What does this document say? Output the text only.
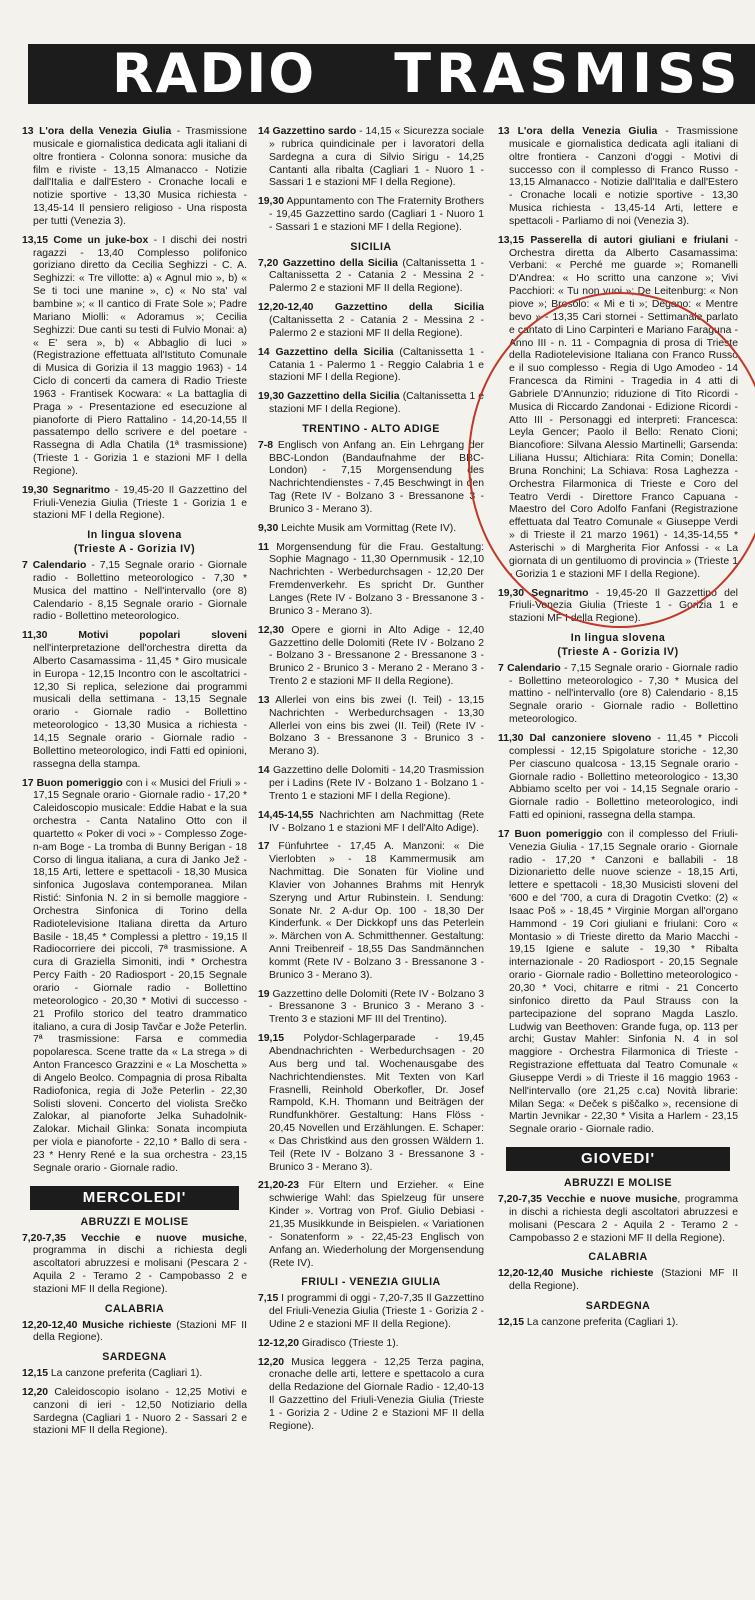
RADIO TRASMISS

13 L'ora della Venezia Giulia - Trasmissione musicale e giornalistica dedicata agli italiani di oltre frontiera - Colonna sonora: musiche da film e riviste - 13,15 Almanacco - Notizie dall'Italia e dall'Estero - Cronache locali e notizie sportive - 13,30 Musica richiesta - 13,45-14 Il pensiero religioso - Una risposta per tutti (Venezia 3).

13,15 Come un juke-box - I dischi dei nostri ragazzi - 13,40 Complesso polifonico goriziano diretto da Cecilia Seghizzi - C. A. Seghizzi: « Tre villotte: a) « Agnul mio », b) « Se ti toci une manine », c) « No sta' val bambine »; « Il cantico di Frate Sole »; Padre Mariano Miolli: « Adoramus »; Cecilia Seghizzi: Due canti su testi di Fulvio Monai: a) « E' sera », b) « Abbaglio di luci » (Registrazione effettuata all'Istituto Comunale di Musica di Gorizia il 13 maggio 1963) - 14 Ciclo di concerti da camera di Radio Trieste 1963 - Frantisek Kocwara: « La battaglia di Praga » - Presentazione ed esecuzione al pianoforte di Piero Rattalino - 14,20-14,55 Il passatempo dello scrivere e del poetare - Rassegna di Adla Chatila (1ª trasmissione) (Trieste 1 - Gorizia 1 e stazioni MF I della Regione).

19,30 Segnaritmo - 19,45-20 Il Gazzettino del Friuli-Venezia Giulia (Trieste 1 - Gorizia 1 e stazioni MF I della Regione).

In lingua slovena
(Trieste A - Gorizia IV)

7 Calendario - 7,15 Segnale orario - Giornale radio - Bollettino meteorologico - 7,30 * Musica del mattino - Nell'intervallo (ore 8) Calendario - 8,15 Segnale orario - Giornale radio - Bollettino meteorologico.

11,30	Motivi popolari sloveni nell'interpretazione dell'orchestra diretta da Alberto Casamassima - 11,45 * Giro musicale in Europa - 12,15 Incontro con le ascoltatrici - 12,30 Si replica, selezione dai programmi musicali della settimana - 13,15 Segnale orario - Giornale radio - Bollettino meteorologico - 13,30 Musica a richiesta - 14,15 Segnale orario - Giornale radio - Bollettino meteorologico, indi Fatti ed opinioni, rassegna della stampa.

17 Buon pomeriggio con i « Musici del Friuli » - 17,15 Segnale orario - Giornale radio - 17,20 * Caleidoscopio musicale: Eddie Habat e la sua orchestra - Canta Natalino Otto con il quartetto « Poker di voci » - Complesso Zoge-n-am Boge - La tromba di Bunny Berigan - 18 Corso di lingua italiana, a cura di Janko Jež - 18,15 Arti, lettere e spettacoli - 18,30 Musica sinfonica Jugoslava contemporanea. Milan Ristić: Sinfonia N. 2 in si bemolle maggiore - Orchestra Sinfonica di Torino della Radiotelevisione Italiana diretta da Arturo Basile - 18,45 * Complessi a plettro - 19,15 Il Radiocorriere dei piccoli, 7ª trasmissione. A cura di Graziella Simoniti, indi * Orchestra Percy Faith - 20 Radiosport - 20,15 Segnale orario - Giornale radio - Bollettino meteorologico - 20,30 * Motivi di successo - 21 Profilo storico del teatro drammatico italiano, a cura di Josip Tavčar e Jože Peterlin. 7ª trasmissione: Farsa e commedia popolaresca. Scene tratte da « La strega » di Anton Francesco Grazzini e « La Moschetta » di Angelo Beolco. Compagnia di prosa Ribalta Radiofonica, regia di Jože Peterlin - 22,30 Solisti sloveni. Concerto del violista Srečko Zalokar, al pianoforte Jelka Suhadolnik-Zalokar. Michail Glinka: Sonata incompiuta per viola e pianoforte - 22,10 * Ballo di sera - 23 * Henry René e la sua orchestra - 23,15 Segnale orario - Giornale radio.

MERCOLEDI'
ABRUZZI E MOLISE

7,20-7,35 Vecchie e nuove musiche, programma in dischi a richiesta degli ascoltatori abruzzesi e molisani (Pescara 2 - Aquila 2 - Teramo 2 - Campobasso 2 e stazioni MF II della Regione).

CALABRIA

12,20-12,40 Musiche richieste (Stazioni MF II della Regione).

SARDEGNA

12,15 La canzone preferita (Cagliari 1).

12,20 Caleidoscopio isolano - 12,25 Motivi e canzoni di ieri - 12,50 Notiziario della Sardegna (Cagliari 1 - Nuoro 2 - Sassari 2 e stazioni MF II della Regione).

14 Gazzettino sardo - 14,15 « Sicurezza sociale » rubrica quindicinale per i lavoratori della Sardegna a cura di Silvio Sirigu - 14,25 Cantanti alla ribalta (Cagliari 1 - Nuoro 1 - Sassari 1 e stazioni MF I della Regione).

19,30 Appuntamento con The Fraternity Brothers - 19,45 Gazzettino sardo (Cagliari 1 - Nuoro 1 - Sassari 1 e stazioni MF I della Regione).

SICILIA

7,20 Gazzettino della Sicilia (Caltanissetta 1 - Caltanissetta 2 - Catania 2 - Messina 2 - Palermo 2 e stazioni MF II della Regione).

12,20-12,40 Gazzettino della Sicilia (Caltanissetta 2 - Catania 2 - Messina 2 - Palermo 2 e stazioni MF II della Regione).

14 Gazzettino della Sicilia (Caltanissetta 1 - Catania 1 - Palermo 1 - Reggio Calabria 1 e stazioni MF I della Regione).

19,30 Gazzettino della Sicilia (Caltanissetta 1 e stazioni MF I della Regione).

TRENTINO - ALTO ADIGE

7-8 Englisch von Anfang an. Ein Lehrgang der BBC-London (Bandaufnahme der BBC-London) - 7,15 Morgensendung des Nachrichtendienstes - 7,45 Beschwingt in den Tag (Rete IV - Bolzano 3 - Bressanone 3 - Brunico 3 - Merano 3).

9,30 Leichte Musik am Vormittag (Rete IV).

11 Morgensendung für die Frau. Gestaltung: Sophie Magnago - 11,30 Opernmusik - 12,10 Nachrichten - Werbedurchsagen - 12,20 Der Fremdenverkehr. Es spricht Dr. Gunther Langes (Rete IV - Bolzano 3 - Bressanone 3 - Brunico 3 - Merano 3).

12,30 Opere e giorni in Alto Adige - 12,40 Gazzettino delle Dolomiti (Rete IV - Bolzano 2 - Bolzano 3 - Bressanone 2 - Bressanone 3 - Brunico 2 - Brunico 3 - Merano 2 - Merano 3 - Trento 2 e stazioni MF II della Regione).

13 Allerlei von eins bis zwei (I. Teil) - 13,15 Nachrichten - Werbedurchsagen - 13,30 Allerlei von eins bis zwei (II. Teil) (Rete IV - Bolzano 3 - Bressanone 3 - Brunico 3 - Merano 3).

14 Gazzettino delle Dolomiti - 14,20 Trasmission per i Ladins (Rete IV - Bolzano 1 - Bolzano 1 - Trento 1 e stazioni MF I della Regione).

14,45-14,55 Nachrichten am Nachmittag (Rete IV - Bolzano 1 e stazioni MF I dell'Alto Adige).

17 Fünfuhrtee - 17,45 A. Manzoni: « Die Vierlobten » - 18 Kammermusik am Nachmittag. Die Sonaten für Violine und Klavier von Johannes Brahms mit Henryk Szeryng und Artur Rubinstein. I. Sendung: Sonate Nr. 2 A-dur Op. 100 - 18,30 Der Kinderfunk. « Der Dickkopf uns das Peterlein ». Märchen von A. Schmitthenner. Gestaltung: Anni Treibenreif - 18,55 Das Sandmännchen kommt (Rete IV - Bolzano 3 - Bressanone 3 - Brunico 3 - Merano 3).

19 Gazzettino delle Dolomiti (Rete IV - Bolzano 3 - Bressanone 3 - Brunico 3 - Merano 3 - Trento 3 e stazioni MF III del Trentino).

19,15 Polydor-Schlagerparade - 19,45 Abendnachrichten - Werbedurchsagen - 20 Aus berg und tal. Wochenausgabe des Nachrichtendienstes. Mit Texten von Karl Frasnelli, Reinhold Oberkofler, Dr. Josef Rampold, K.H. Thomann und Beiträgen der Rundfunkhörer. Gestaltung: Hans Flöss - 20,45 Novellen und Erzählungen. E. Schaper: « Das Christkind aus den grossen Wäldern 1. Teil (Rete IV - Bolzano 3 - Bressanone 3 - Brunico 3 - Merano 3).

21,20-23 Für Eltern und Erzieher. « Eine schwierige Wahl: das Spielzeug für unsere Kinder ». Vortrag von Prof. Giulio Debiasi - 21,35 Musikkunde in Beispielen. « Variationen - Sonatenform » - 22,45-23 Englisch von Anfang an. Wiederholung der Morgensendung (Rete IV).

FRIULI - VENEZIA GIULIA

7,15 I programmi di oggi - 7,20-7,35 Il Gazzettino del Friuli-Venezia Giulia (Trieste 1 - Gorizia 2 - Udine 2 e stazioni MF II della Regione).

12-12,20 Giradisco (Trieste 1).

12,20 Musica leggera - 12,25 Terza pagina, cronache delle arti, lettere e spettacolo a cura della Redazione del Giornale Radio - 12,40-13 Il Gazzettino del Friuli-Venezia Giulia (Trieste 1 - Gorizia 2 - Udine 2 e Stazioni MF II della Regione).

13 L'ora della Venezia Giulia - Trasmissione musicale e giornalistica dedicata agli italiani di oltre frontiera - Canzoni d'oggi - Motivi di successo con il complesso di Franco Russo - 13,15 Almanacco - Notizie dall'Italia e dall'Estero - Cronache locali e notizie sportive - 13,30 Musica richiesta - 13,45-14 Arti, lettere e spettacoli - Parliamo di noi (Venezia 3).

13,15 Passerella di autori giuliani e friulani - Orchestra diretta da Alberto Casamassima: Verbani: « Perché me guarde »; Romanelli D'Andrea: « Ho scritto una canzone »; Vivi Pacchiori: « Tu non vuoi »; De Leitenburg: « Non piove »; Brosolo: « Mi e ti »; Degano: « Mentre bevo » - 13,35 Cari stornei - Settimanale parlato e cantato di Lino Carpinteri e Mariano Faraguna - Anno III - n. 11 - Compagnia di prosa di Trieste della Radiotelevisione Italiana con Franco Russo e il suo complesso - Regia di Ugo Amodeo - 14 Francesca da Rimini - Tragedia in 4 atti di Gabriele D'Annunzio; riduzione di Tito Ricordi - Musica di Riccardo Zandonai - Edizione Ricordi - Atto III - Personaggi ed interpreti: Francesca: Leyla Gencer; Paolo il Bello: Renato Cioni; Biancofiore: Silvana Alessio Martinelli; Garsenda: Liliana Hussu; Altichiara: Rita Comin; Donella: Bruna Ronchini; La Schiava: Rosa Laghezza - Orchestra Filarmonica di Trieste e Coro del Teatro Verdi - Direttore Franco Capuana - Maestro del Coro Adolfo Fanfani (Registrazione effettuata dal Teatro Comunale « Giuseppe Verdi » di Trieste il 21 marzo 1961) - 14,35-14,55 * Asterischi » di Margherita Fior Anfossi - « La giornata di un gentiluomo di provincia » (Trieste 1 - Gorizia 1 e stazioni MF I della Regione).

19,30 Segnaritmo - 19,45-20 Il Gazzettino del Friuli-Venezia Giulia (Trieste 1 - Gorizia 1 e stazioni MF I della Regione).

In lingua slovena
(Trieste A - Gorizia IV)

7 Calendario - 7,15 Segnale orario - Giornale radio - Bollettino meteorologico - 7,30 * Musica del mattino - nell'intervallo (ore 8) Calendario - 8,15 Segnale orario - Giornale radio - Bollettino meteorologico.

11,30 Dal canzoniere sloveno - 11,45 * Piccoli complessi - 12,15 Spigolature storiche - 12,30 Per ciascuno qualcosa - 13,15 Segnale orario - Giornale radio - Bollettino meteorologico - 13,30 Abbiamo scelto per voi - 14,15 Segnale orario - Giornale radio - Bollettino meteorologico, indi Fatti ed opinioni, rassegna della stampa.

17 Buon pomeriggio con il complesso del Friuli-Venezia Giulia - 17,15 Segnale orario - Giornale radio - 17,20 * Canzoni e ballabili - 18 Dizionarietto delle nuove scienze - 18,15 Arti, lettere e spettacoli - 18,30 Musicisti sloveni del '600 e del '700, a cura di Dragotin Cvetko: (2) « Isaac Poš » - 18,45 * Virginie Morgan all'organo Hammond - 19 Cori giuliani e friulani: Coro « Montasio » di Trieste diretto da Mario Macchi - 19,15 Igiene e salute - 19,30 * Ribalta internazionale - 20 Radiosport - 20,15 Segnale orario - Giornale radio - Bollettino meteorologico - 20,30 * Voci, chitarre e ritmi - 21 Concerto sinfonico diretto da Paul Strauss con la partecipazione del soprano Magda Laszlo. Ludwig van Beethoven: Grande fuga, op. 113 per archi; Gustav Mahler: Sinfonia N. 4 in sol maggiore - Orchestra Filarmonica di Trieste - Registrazione effettuata dal Teatro Comunale « Giuseppe Verdi » di Trieste il 16 maggio 1963 - Nell'intervallo (ore 21,25 c.ca) Novità librarie: Milan Sega: « Deček s piščalko », recensione di Martin Jevnikar - 22,30 * Visita a Harlem - 23,15 Segnale orario - Giornale radio.

GIOVEDI'
ABRUZZI E MOLISE

7,20-7,35 Vecchie e nuove musiche, programma in dischi a richiesta degli ascoltatori abruzzesi e molisani (Pescara 2 - Aquila 2 - Teramo 2 - Campobasso 2 e stazioni MF II della Regione).

CALABRIA

12,20-12,40 Musiche richieste (Stazioni MF II della Regione).

SARDEGNA

12,15 La canzone preferita (Cagliari 1).
